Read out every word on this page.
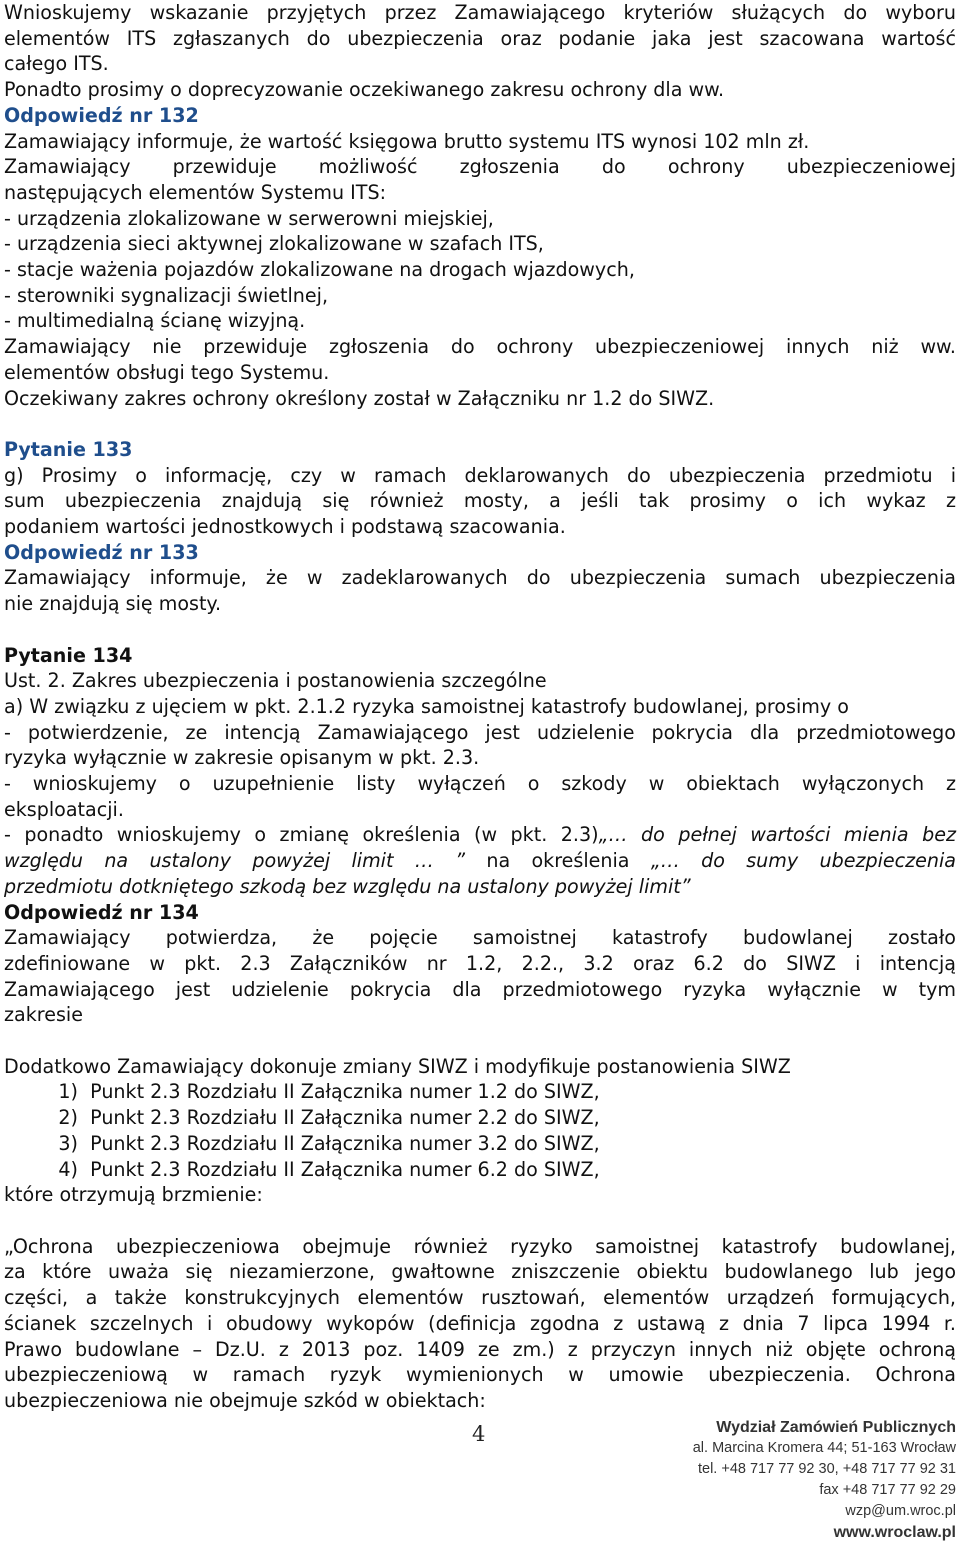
Wnioskujemy wskazanie przyjętych przez Zamawiającego kryteriów służących do wyboru

elementów ITS zgłaszanych do ubezpieczenia oraz podanie jaka jest szacowana wartość

całego ITS.

Ponadto prosimy o doprecyzowanie oczekiwanego zakresu ochrony dla ww.

Odpowiedź nr 132

Zamawiający informuje, że wartość księgowa brutto systemu ITS wynosi 102 mln zł.

Zamawiający przewiduje możliwość zgłoszenia do ochrony ubezpieczeniowej

następujących elementów Systemu ITS:

- urządzenia zlokalizowane w serwerowni miejskiej,

- urządzenia sieci aktywnej zlokalizowane w szafach ITS,

- stacje ważenia pojazdów zlokalizowane na drogach wjazdowych,

- sterowniki sygnalizacji świetlnej,

- multimedialną ścianę wizyjną.

Zamawiający nie przewiduje zgłoszenia do ochrony ubezpieczeniowej innych niż ww.

elementów obsługi tego Systemu.

Oczekiwany zakres ochrony określony został w Załączniku nr 1.2 do SIWZ.

Pytanie 133

g) Prosimy o informację, czy w ramach deklarowanych do ubezpieczenia przedmiotu i

sum ubezpieczenia znajdują się również mosty, a jeśli tak prosimy o ich wykaz z

podaniem wartości jednostkowych i podstawą szacowania.

Odpowiedź nr 133

Zamawiający informuje, że w zadeklarowanych do ubezpieczenia sumach ubezpieczenia

nie znajdują się mosty.

Pytanie 134

Ust. 2. Zakres ubezpieczenia i postanowienia szczególne

a) W związku z ujęciem w pkt. 2.1.2 ryzyka samoistnej katastrofy budowlanej, prosimy o

- potwierdzenie, ze intencją Zamawiającego jest udzielenie pokrycia dla przedmiotowego

ryzyka wyłącznie w zakresie opisanym w pkt. 2.3.

- wnioskujemy o uzupełnienie listy wyłączeń o szkody w obiektach wyłączonych z

eksploatacji.

- ponadto wnioskujemy o zmianę określenia (w pkt. 2.3)„… do pełnej wartości mienia bez

względu na ustalony powyżej limit … ” na określenia „… do sumy ubezpieczenia

przedmiotu dotkniętego szkodą bez względu na ustalony powyżej limit”

Odpowiedź nr 134

Zamawiający potwierdza, że pojęcie samoistnej katastrofy budowlanej zostało

zdefiniowane w pkt. 2.3 Załączników nr 1.2, 2.2., 3.2 oraz 6.2 do SIWZ i intencją

Zamawiającego jest udzielenie pokrycia dla przedmiotowego ryzyka wyłącznie w tym

zakresie

Dodatkowo Zamawiający dokonuje zmiany SIWZ i modyfikuje postanowienia SIWZ

1) Punkt 2.3 Rozdziału II Załącznika numer 1.2 do SIWZ,

2) Punkt 2.3 Rozdziału II Załącznika numer 2.2 do SIWZ,

3) Punkt 2.3 Rozdziału II Załącznika numer 3.2 do SIWZ,

4) Punkt 2.3 Rozdziału II Załącznika numer 6.2 do SIWZ,

które otrzymują brzmienie:

„Ochrona ubezpieczeniowa obejmuje również ryzyko samoistnej katastrofy budowlanej,

za które uważa się niezamierzone, gwałtowne zniszczenie obiektu budowlanego lub jego

części, a także konstrukcyjnych elementów rusztowań, elementów urządzeń formujących,

ścianek szczelnych i obudowy wykopów (definicja zgodna z ustawą z dnia 7 lipca 1994 r.

Prawo budowlane – Dz.U. z 2013 poz. 1409 ze zm.) z przyczyn innych niż objęte ochroną

ubezpieczeniową w ramach ryzyk wymienionych w umowie ubezpieczenia. Ochrona

ubezpieczeniowa nie obejmuje szkód w obiektach:

4	Wydział Zamówień Publicznych
al. Marcina Kromera 44; 51-163 Wrocław
tel. +48 717 77 92 30, +48 717 77 92 31
fax +48 717 77 92 29
wzp@um.wroc.pl
www.wroclaw.pl
